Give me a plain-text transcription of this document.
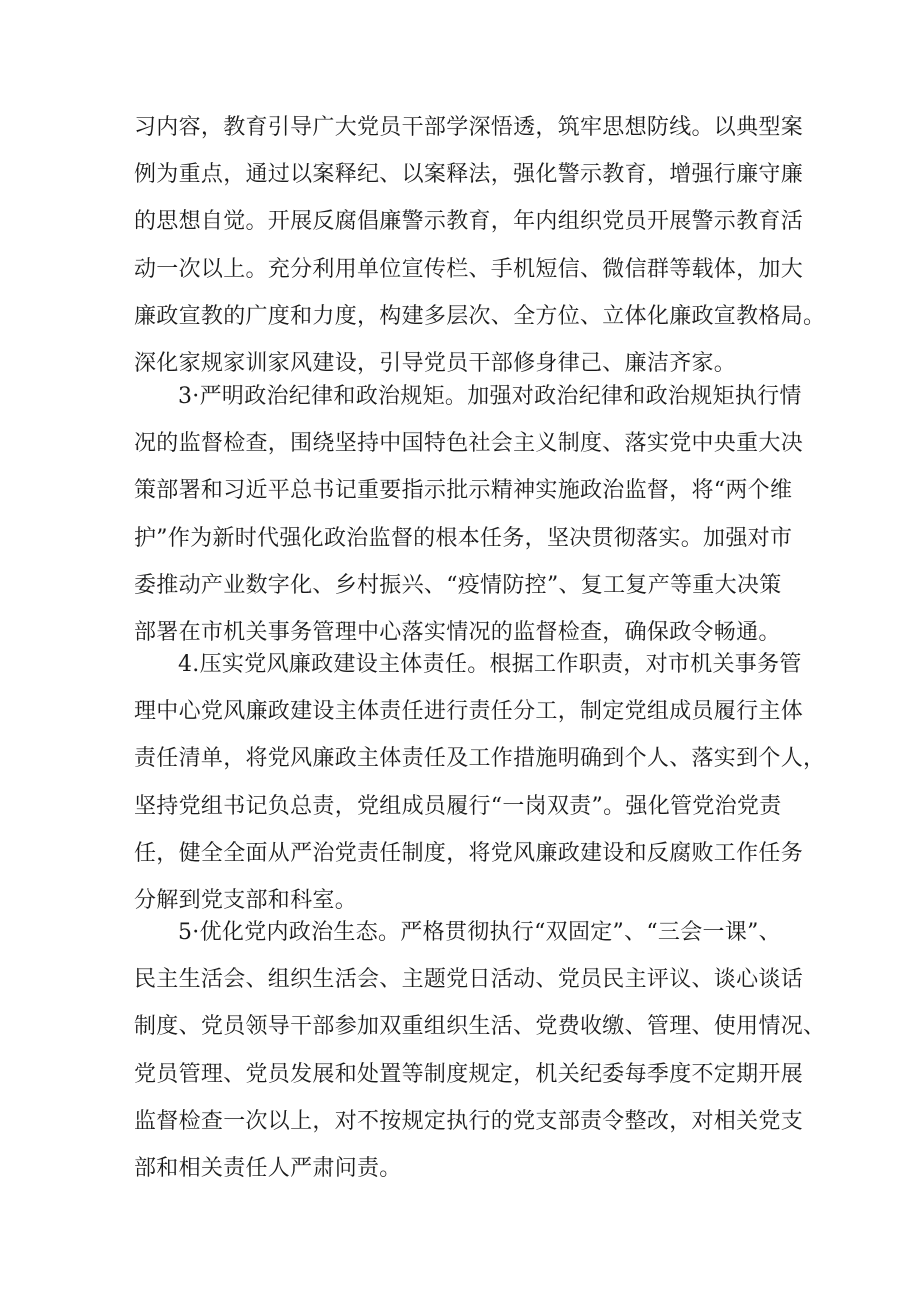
习内容，教育引导广大党员干部学深悟透，筑牢思想防线。以典型案
例为重点，通过以案释纪、以案释法，强化警示教育，增强行廉守廉
的思想自觉。开展反腐倡廉警示教育，年内组织党员开展警示教育活
动一次以上。充分利用单位宣传栏、手机短信、微信群等载体，加大
廉政宣教的广度和力度，构建多层次、全方位、立体化廉政宣教格局。
深化家规家训家风建设，引导党员干部修身律己、廉洁齐家。
3·严明政治纪律和政治规矩。加强对政治纪律和政治规矩执行情
况的监督检查，围绕坚持中国特色社会主义制度、落实党中央重大决
策部署和习近平总书记重要指示批示精神实施政治监督，将“两个维
护”作为新时代强化政治监督的根本任务，坚决贯彻落实。加强对市
委推动产业数字化、乡村振兴、“疫情防控”、复工复产等重大决策
部署在市机关事务管理中心落实情况的监督检查，确保政令畅通。
4.压实党风廉政建设主体责任。根据工作职责，对市机关事务管
理中心党风廉政建设主体责任进行责任分工，制定党组成员履行主体
责任清单，将党风廉政主体责任及工作措施明确到个人、落实到个人，
坚持党组书记负总责，党组成员履行“一岗双责”。强化管党治党责
任，健全全面从严治党责任制度，将党风廉政建设和反腐败工作任务
分解到党支部和科室。
5·优化党内政治生态。严格贯彻执行“双固定”、“三会一课”、
民主生活会、组织生活会、主题党日活动、党员民主评议、谈心谈话
制度、党员领导干部参加双重组织生活、党费收缴、管理、使用情况、
党员管理、党员发展和处置等制度规定，机关纪委每季度不定期开展
监督检查一次以上，对不按规定执行的党支部责令整改，对相关党支
部和相关责任人严肃问责。
